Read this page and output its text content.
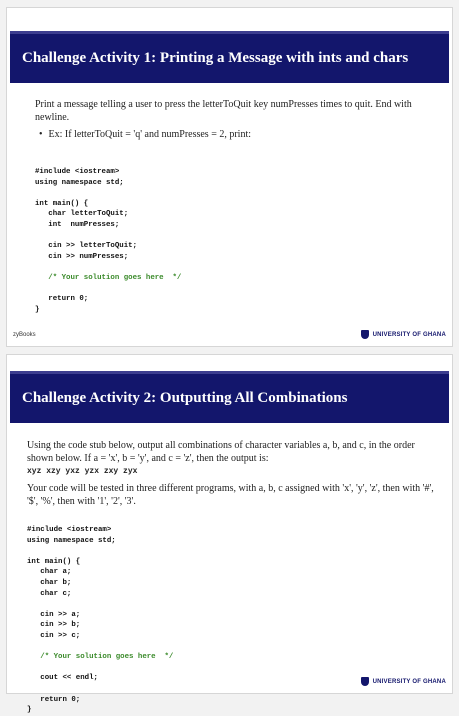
Challenge Activity 1: Printing a Message with ints and chars
Print a message telling a user to press the letterToQuit key numPresses times to quit. End with newline.
• Ex: If letterToQuit = 'q' and numPresses = 2, print:
#include <iostream>
using namespace std;

int main() {
char letterToQuit;
int  numPresses;

cin >> letterToQuit;
cin >> numPresses;

/* Your solution goes here  */

return 0;
}
zyBooks	UNIVERSITY OF GHANA
Challenge Activity 2: Outputting All Combinations
Using the code stub below, output all combinations of character variables a, b, and c, in the order shown below. If a = 'x', b = 'y', and c = 'z', then the output is:
xyz xzy yxz yzx zxy zyx
Your code will be tested in three different programs, with a, b, c assigned with 'x', 'y', 'z', then with '#', '$', '%', then with '1', '2', '3'.
#include <iostream>
using namespace std;

int main() {
char a;
char b;
char c;

cin >> a;
cin >> b;
cin >> c;

/* Your solution goes here  */

cout << endl;

return 0;
}
UNIVERSITY OF GHANA
